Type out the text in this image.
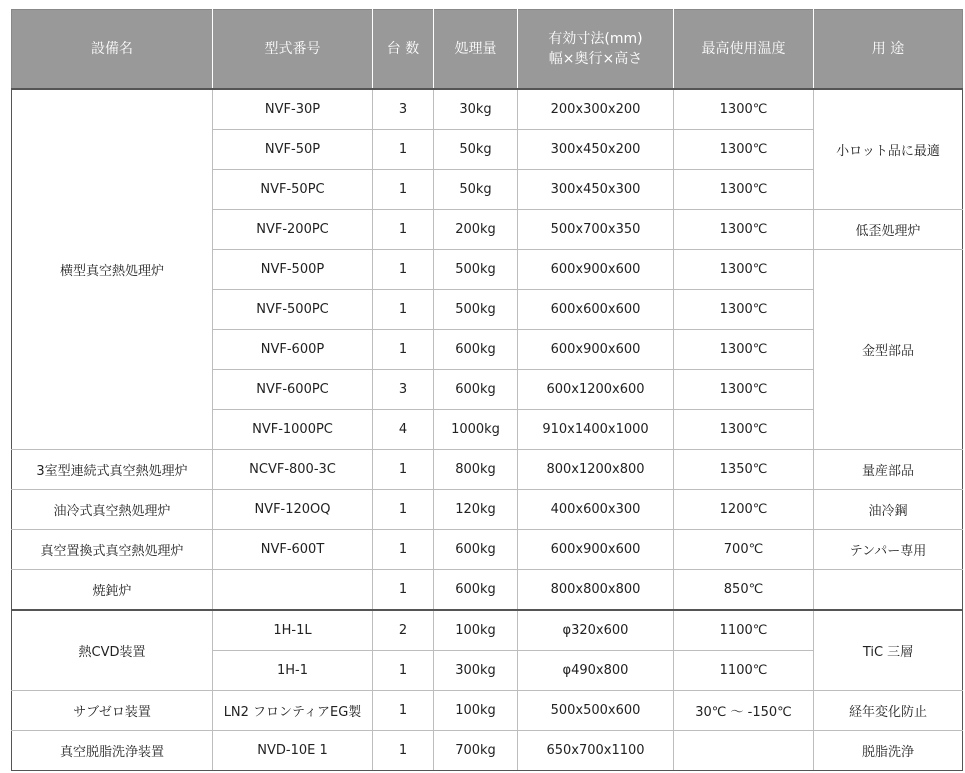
設備名	型式番号	台 数	処理量	有効寸法(mm)
幅×奥行×高さ	最高使用温度	用 途
横型真空熱処理炉	NVF-30P	3	30kg	200x300x200	1300℃	小ロット品に最適
	NVF-50P	1	50kg	300x450x200	1300℃	
	NVF-50PC	1	50kg	300x450x300	1300℃	
	NVF-200PC	1	200kg	500x700x350	1300℃	低歪処理炉
	NVF-500P	1	500kg	600x900x600	1300℃	金型部品
	NVF-500PC	1	500kg	600x600x600	1300℃	
	NVF-600P	1	600kg	600x900x600	1300℃	
	NVF-600PC	3	600kg	600x1200x600	1300℃	
	NVF-1000PC	4	1000kg	910x1400x1000	1300℃	
3室型連続式真空熱処理炉	NCVF-800-3C	1	800kg	800x1200x800	1350℃	量産部品
油冷式真空熱処理炉	NVF-120OQ	1	120kg	400x600x300	1200℃	油冷鋼
真空置換式真空熱処理炉	NVF-600T	1	600kg	600x900x600	700℃	テンパー専用
焼鈍炉		1	600kg	800x800x800	850℃	
熱CVD装置	1H-1L	2	100kg	φ320x600	1100℃	TiC 三層
	1H-1	1	300kg	φ490x800	1100℃	
サブゼロ装置	LN2 フロンティアEG製	1	100kg	500x500x600	30℃ ～ -150℃	経年変化防止
真空脱脂洗浄装置	NVD-10E 1	1	700kg	650x700x1100		脱脂洗浄
